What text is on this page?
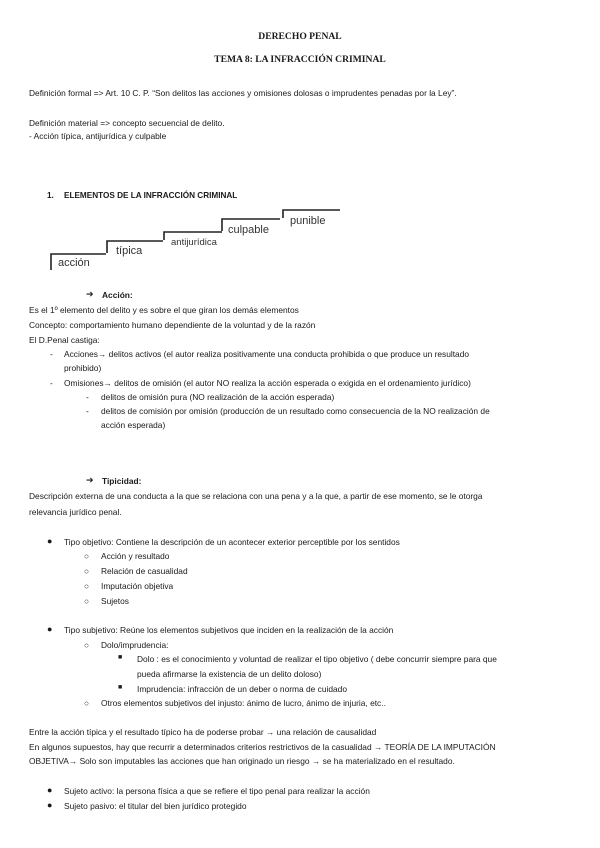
DERECHO PENAL
TEMA 8: LA INFRACCIÓN CRIMINAL
Definición formal => Art. 10 C. P. “Son delitos las acciones y omisiones dolosas o imprudentes penadas por la Ley”.
Definición material => concepto secuencial de delito.
- Acción típica, antijurídica y culpable
1. ELEMENTOS DE LA INFRACCIÓN CRIMINAL
acción
típica
antijurídica
culpable
punible
➔ Acción:
Es el 1º elemento del delito y es sobre el que giran los demás elementos
Concepto: comportamiento humano dependiente de la voluntad y de la razón
El D.Penal castiga:
- Acciones→ delitos activos (el autor realiza positivamente una conducta prohibida o que produce un resultado
prohibido)
- Omisiones→ delitos de omisión (el autor NO realiza la acción esperada o exigida en el ordenamiento jurídico)
- delitos de omisión pura (NO realización de la acción esperada)
- delitos de comisión por omisión (producción de un resultado como consecuencia de la NO realización de
acción esperada)
➔ Tipicidad:
Descripción externa de una conducta a la que se relaciona con una pena y a la que, a partir de ese momento, se le otorga
relevancia jurídico penal.
● Tipo objetivo: Contiene la descripción de un acontecer exterior perceptible por los sentidos
○ Acción y resultado
○ Relación de casualidad
○ Imputación objetiva
○ Sujetos
● Tipo subjetivo: Reúne los elementos subjetivos que inciden en la realización de la acción
○ Dolo/imprudencia:
■ Dolo : es el conocimiento y voluntad de realizar el tipo objetivo ( debe concurrir siempre para que
pueda afirmarse la existencia de un delito doloso)
■ Imprudencia: infracción de un deber o norma de cuidado
○ Otros elementos subjetivos del injusto: ánimo de lucro, ánimo de injuria, etc..
Entre la acción típica y el resultado típico ha de poderse probar → una relación de causalidad
En algunos supuestos, hay que recurrir a determinados criterios restrictivos de la casualidad → TEORÍA DE LA IMPUTACIÓN
OBJETIVA→ Solo son imputables las acciones que han originado un riesgo → se ha materializado en el resultado.
● Sujeto activo: la persona física a que se refiere el tipo penal para realizar la acción
● Sujeto pasivo: el titular del bien jurídico protegido
